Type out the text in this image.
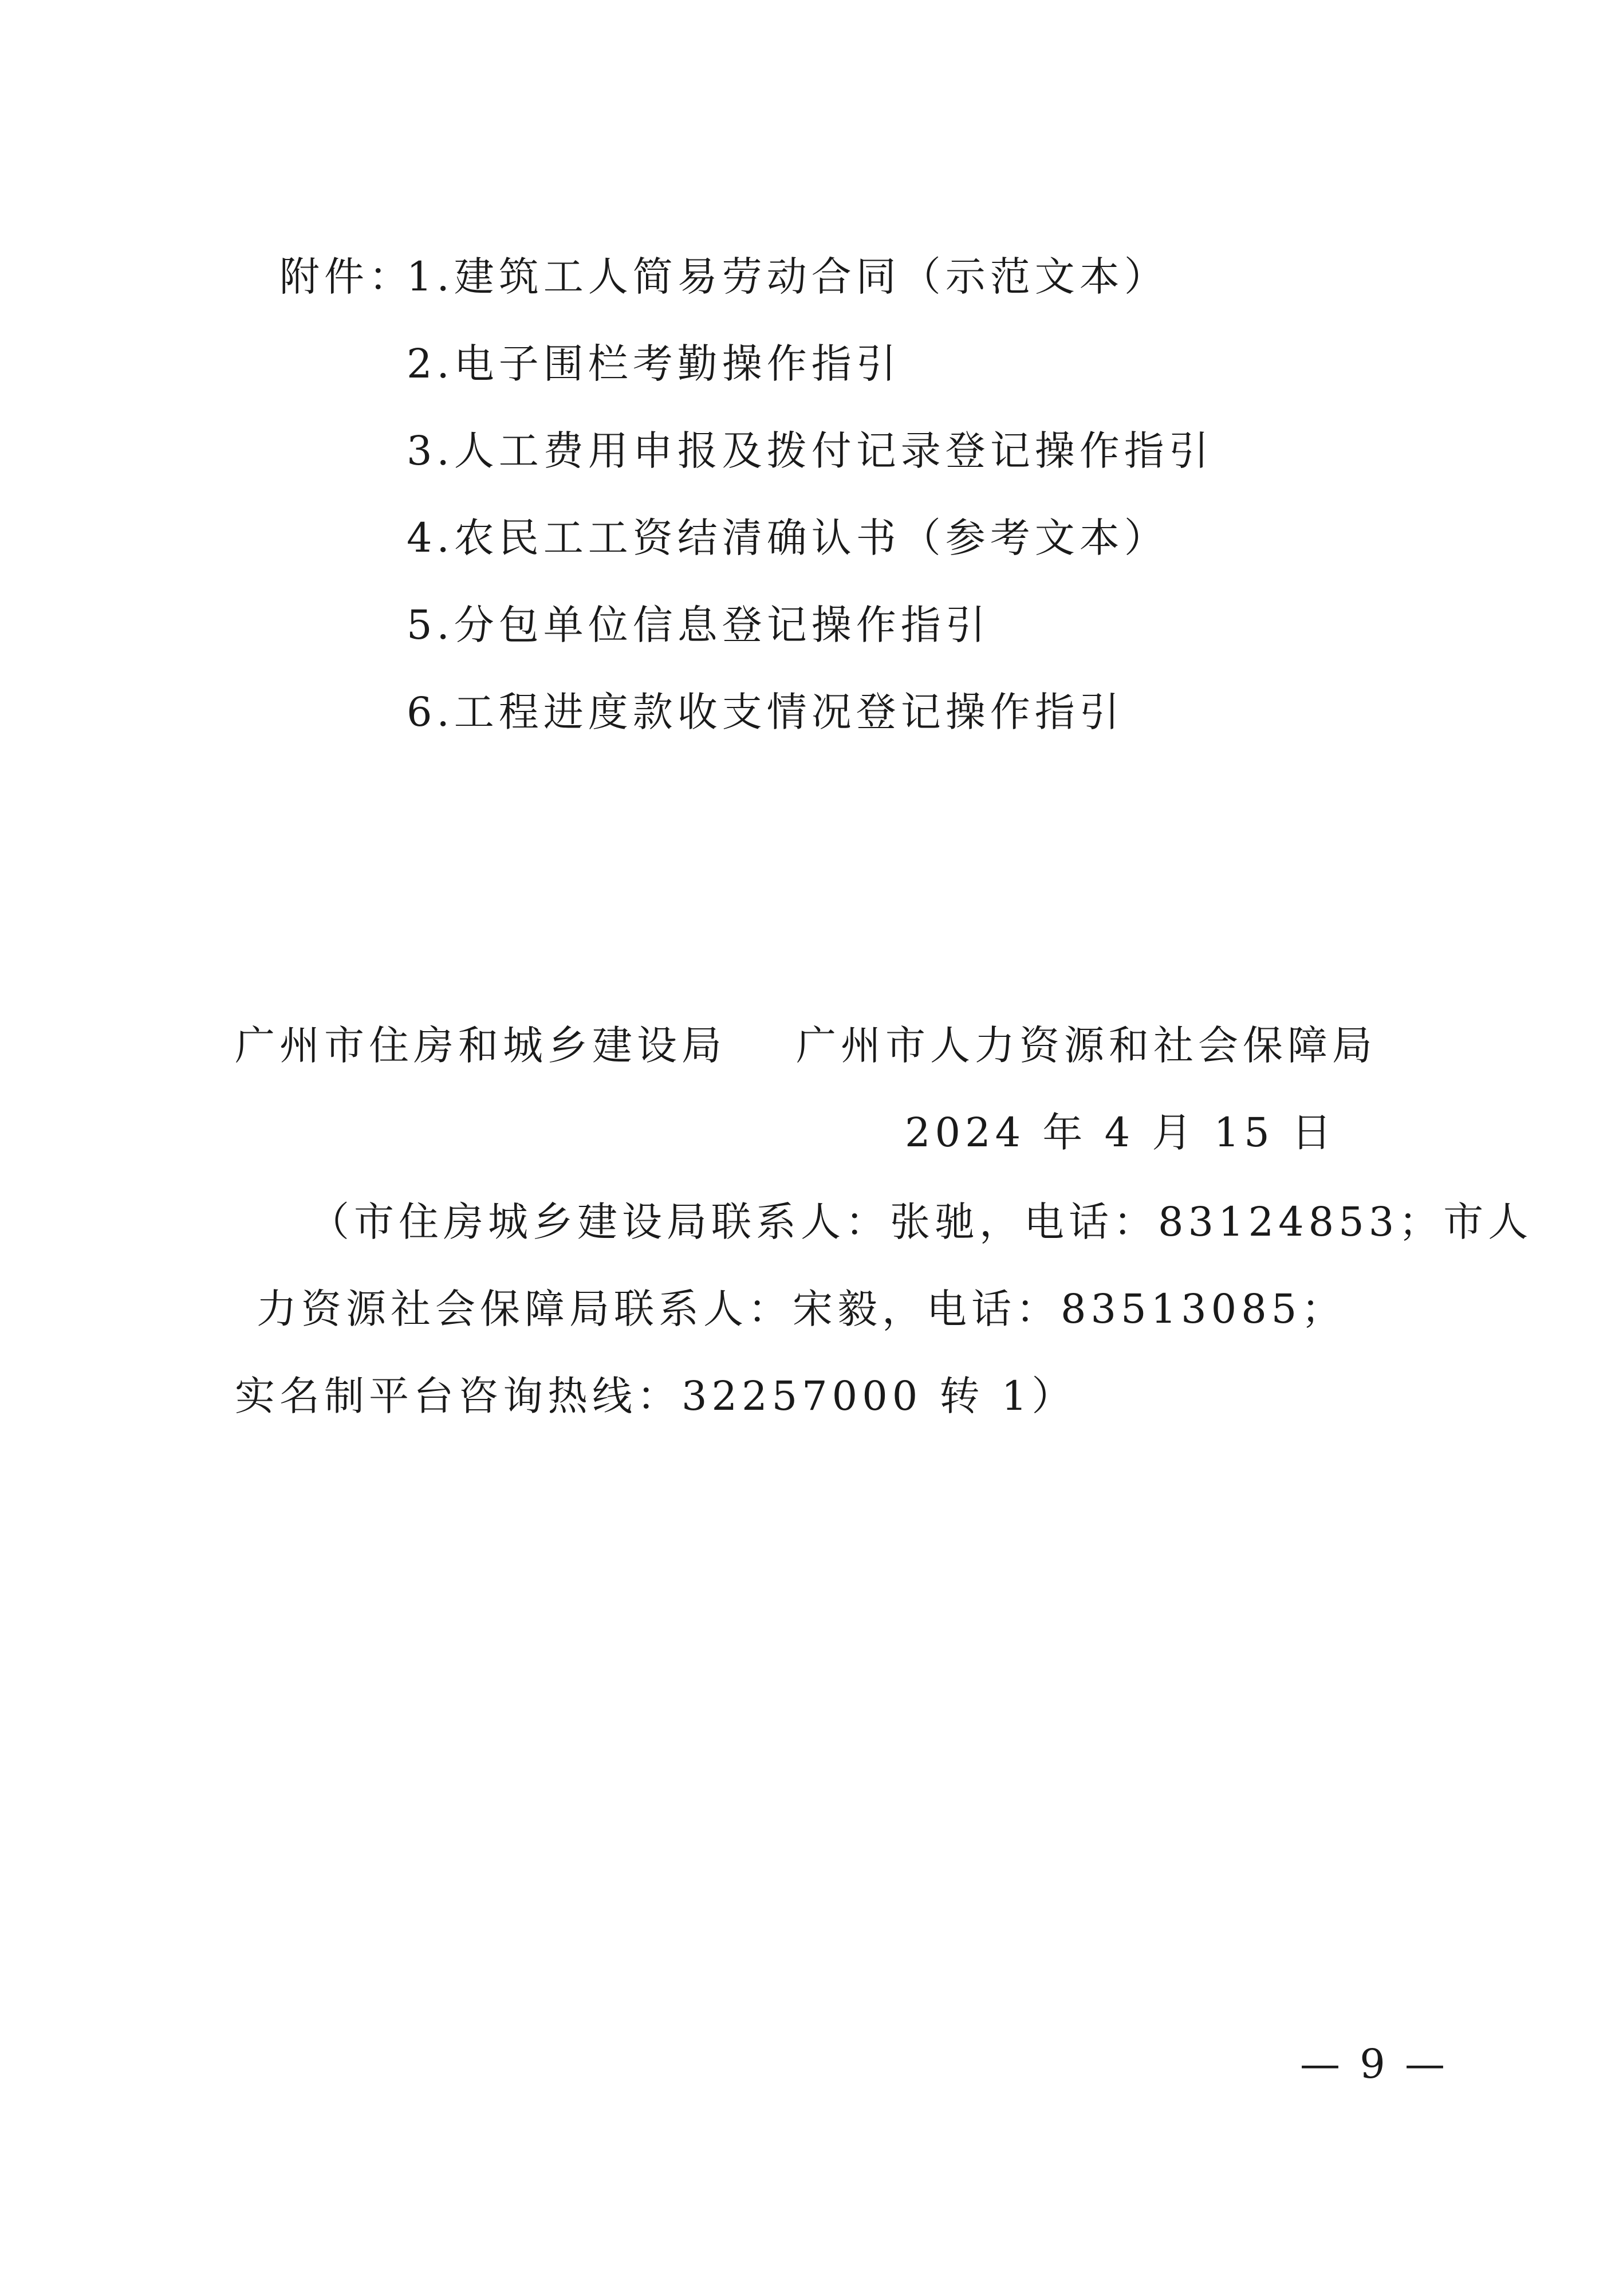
附件：

1.建筑工人简易劳动合同（示范文本）

2.电子围栏考勤操作指引

3.人工费用申报及拨付记录登记操作指引

4.农民工工资结清确认书（参考文本）

5.分包单位信息登记操作指引

6.工程进度款收支情况登记操作指引

广州市住房和城乡建设局 广州市人力资源和社会保障局

2024 年 4 月 15 日

（市住房城乡建设局联系人：张驰，电话：83124853；市人

力资源社会保障局联系人：宋毅，电话：83513085；

实名制平台咨询热线：32257000 转 1）

— 9 —
